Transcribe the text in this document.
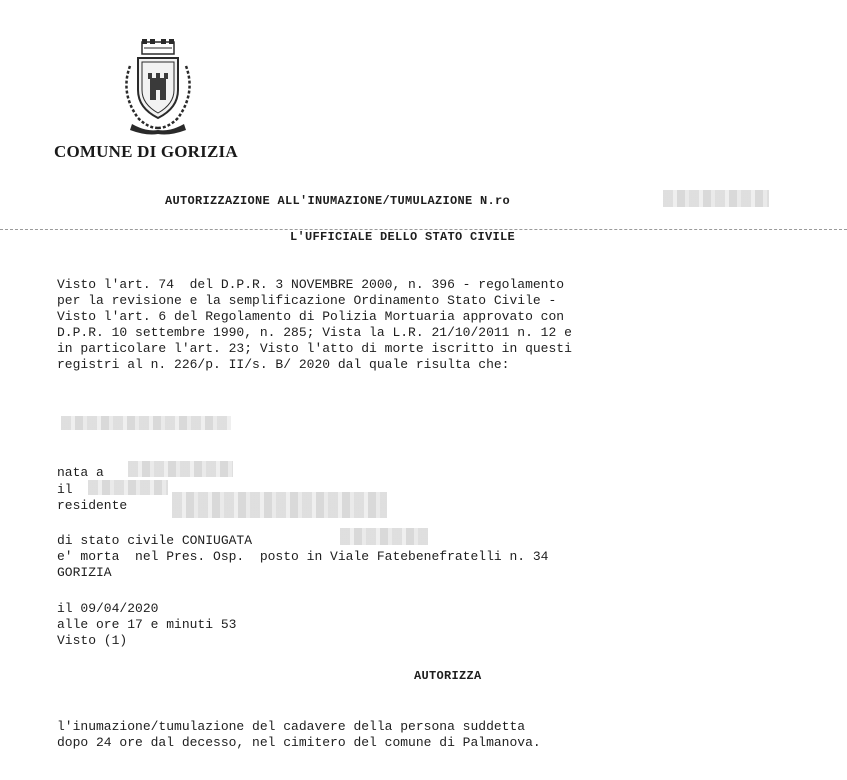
COMUNE DI GORIZIA
AUTORIZZAZIONE ALL'INUMAZIONE/TUMULAZIONE N.ro
L'UFFICIALE DELLO STATO CIVILE
Visto l'art. 74  del D.P.R. 3 NOVEMBRE 2000, n. 396 - regolamento
per la revisione e la semplificazione Ordinamento Stato Civile -
Visto l'art. 6 del Regolamento di Polizia Mortuaria approvato con
D.P.R. 10 settembre 1990, n. 285; Vista la L.R. 21/10/2011 n. 12 e
in particolare l'art. 23; Visto l'atto di morte iscritto in questi
registri al n. 226/p. II/s. B/ 2020 dal quale risulta che:
nata a
il
residente
di stato civile CONIUGATA
e' morta  nel Pres. Osp.  posto in Viale Fatebenefratelli n. 34
GORIZIA
il 09/04/2020
alle ore 17 e minuti 53
Visto (1)
AUTORIZZA
l'inumazione/tumulazione del cadavere della persona suddetta
dopo 24 ore dal decesso, nel cimitero del comune di Palmanova.
